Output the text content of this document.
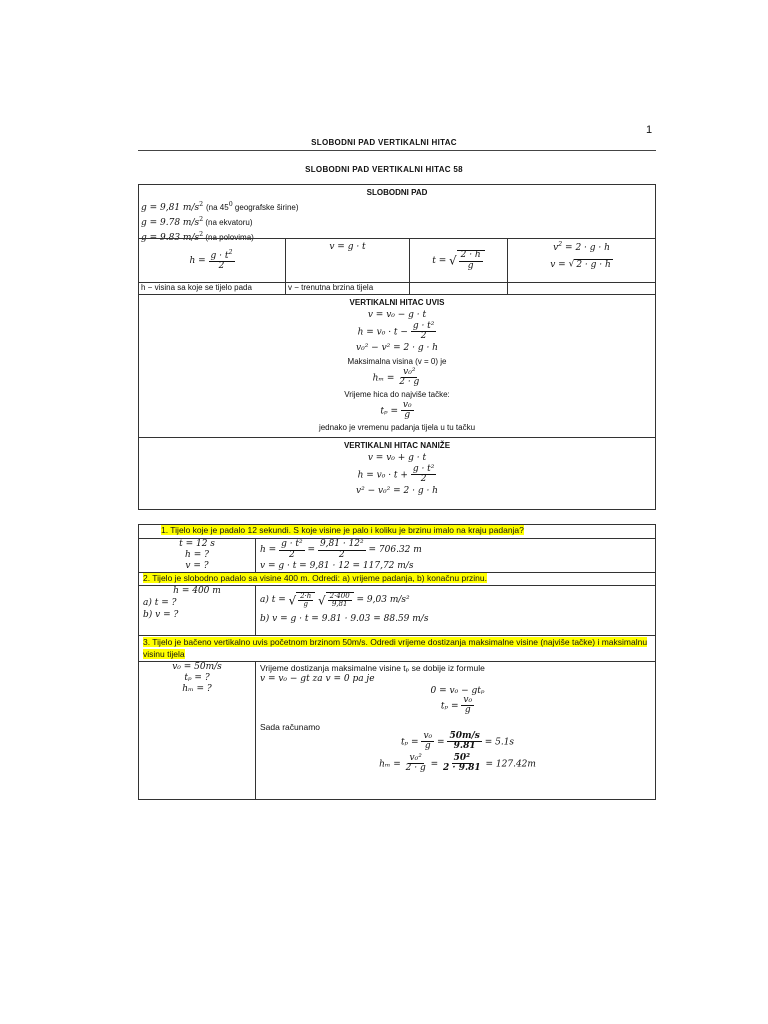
1
SLOBODNI PAD VERTIKALNI HITAC
SLOBODNI PAD VERTIKALNI HITAC 58
SLOBODNI PAD
g = 9,81 $m/s^2$ (na $45^0$ geografske širine)
g = 9.78 $m/s^2$ (na ekvatoru)
g = 9.83 $m/s^2$ (na polovima)
h =
$\frac{g \cdot t^2}{2}$
v = g · t
t =
√ $\frac{2 \cdot h}{g}$
$v^2 = 2 \cdot g \cdot h$
v = √ 2 · g · h
h − visina sa koje se tijelo pada	v − trenutna brzina tijela
VERTIKALNI HITAC UVIS
v = v₀ − g · t
$h = v_0 \cdot t - \frac{\text{g · t²}}{2}$
v₀² − v² = 2 · g · h
Maksimalna visina (v = 0) je
$h_m = \frac{\text{v₀²}}{2 \cdot g}$
Vrijeme hica do najviše tačke:
$t_p = \frac{\text{v₀}}{g}$
jednako je vremenu padanja tijela u tu tačku
VERTIKALNI HITAC NANIŽE
v = v₀ + g · t
$h = v_0 \cdot t + \frac{\text{g · t²}}{2}$
v² − v₀² = 2 · g · h
1. Tijelo koje je padalo 12 sekundi. S koje visine je palo i koliku je brzinu imalo na kraju padanja?
t = 12 s
h = ?
v = ?
h =
$\frac{\text{g · t²}}{2}$
=
$\frac{\text{9,81 · 12²}}{2}$
= 706.32 m
v = g · t = 9,81 · 12 = 117,72 m/s
2. Tijelo je slobodno padalo sa visine 400 m. Odredi: a) vrijeme padanja, b) konačnu przinu.
h = 400 m
a) t = ?
b) v = ?
a) t =
√ $\frac{2\cdot h}{g}$
√ $\frac{2\cdot 400}{9,81}$
= 9,03 m/s²
b) v = g · t = 9.81 · 9.03 = 88.59 m/s
3. Tijelo je bačeno vertikalno uvis početnom brzinom 50m/s. Odredi vrijeme dostizanja maksimalne visine (najviše tačke) i maksimalnu visinu tijela
v₀ = 50m/s
tₚ = ?
hₘ = ?
Vrijeme dostizanja maksimalne visine tₚ se dobije iz formule
v = v₀ − gt za v = 0 pa je
0 = v₀ − gtₚ
$t_p = \frac{\text{v₀}}{g}$
Sada računamo
$t_p = \frac{\text{v₀}}{g} = \frac{50m/s}{9.81} = 5.1s$
$h_m = \frac{\text{v₀²}}{2 \cdot g} = \frac{\text{50²}}{2 \cdot 9.81} = 127.42m$
